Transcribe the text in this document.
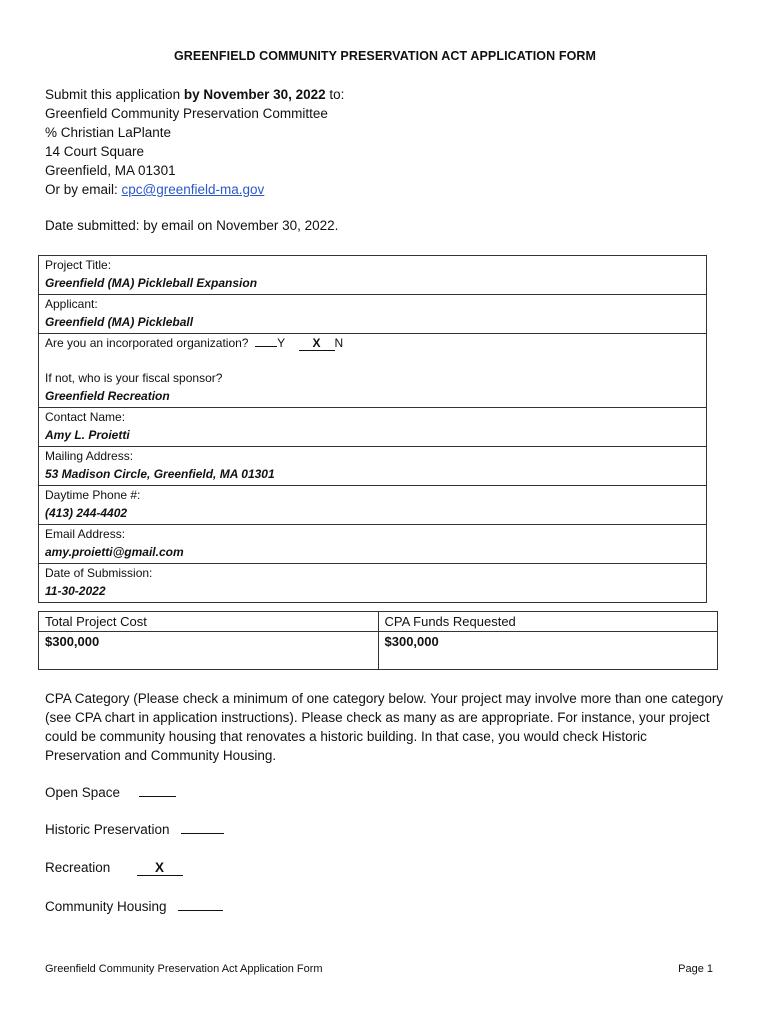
GREENFIELD COMMUNITY PRESERVATION ACT APPLICATION FORM
Submit this application by November 30, 2022 to:
Greenfield Community Preservation Committee
% Christian LaPlante
14 Court Square
Greenfield, MA 01301
Or by email: cpc@greenfield-ma.gov
Date submitted: by email on November 30, 2022.
Project Title:
Greenfield (MA) Pickleball Expansion

Applicant:
Greenfield (MA) Pickleball

Are you an incorporated organization? Y X N

If not, who is your fiscal sponsor?
Greenfield Recreation

Contact Name:
Amy L. Proietti

Mailing Address:
53 Madison Circle, Greenfield, MA 01301

Daytime Phone #:
(413) 244-4402

Email Address:
amy.proietti@gmail.com

Date of Submission:
11-30-2022
Total Project Cost	CPA Funds Requested
$300,000	$300,000
CPA Category (Please check a minimum of one category below. Your project may involve more than one category (see CPA chart in application instructions). Please check as many as are appropriate. For instance, your project could be community housing that renovates a historic building. In that case, you would check Historic Preservation and Community Housing.
Open Space
Historic Preservation
Recreation	X
Community Housing
Greenfield Community Preservation Act Application Form	Page 1
